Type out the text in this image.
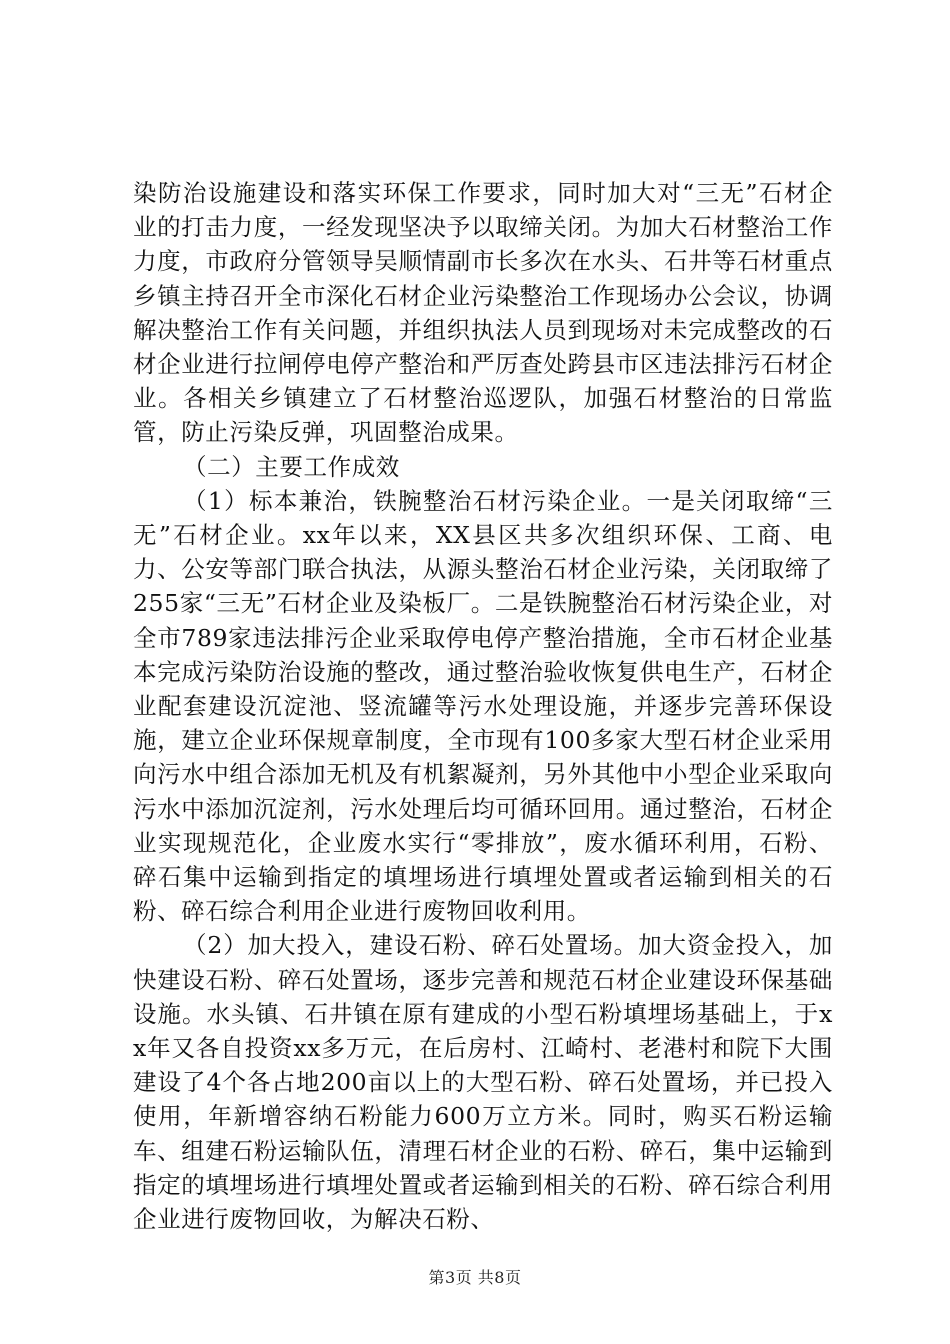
染防治设施建设和落实环保工作要求，同时加大对“三无”石材企业的打击力度，一经发现坚决予以取缔关闭。为加大石材整治工作力度，市政府分管领导吴顺情副市长多次在水头、石井等石材重点乡镇主持召开全市深化石材企业污染整治工作现场办公会议，协调解决整治工作有关问题，并组织执法人员到现场对未完成整改的石材企业进行拉闸停电停产整治和严厉查处跨县市区违法排污石材企业。各相关乡镇建立了石材整治巡逻队，加强石材整治的日常监管，防止污染反弹，巩固整治成果。

（二）主要工作成效

（1）标本兼治，铁腕整治石材污染企业。一是关闭取缔“三无”石材企业。xx年以来，XX县区共多次组织环保、工商、电力、公安等部门联合执法，从源头整治石材企业污染，关闭取缔了255家“三无”石材企业及染板厂。二是铁腕整治石材污染企业，对全市789家违法排污企业采取停电停产整治措施，全市石材企业基本完成污染防治设施的整改，通过整治验收恢复供电生产，石材企业配套建设沉淀池、竖流罐等污水处理设施，并逐步完善环保设施，建立企业环保规章制度，全市现有100多家大型石材企业采用向污水中组合添加无机及有机絮凝剂，另外其他中小型企业采取向污水中添加沉淀剂，污水处理后均可循环回用。通过整治，石材企业实现规范化，企业废水实行“零排放”，废水循环利用，石粉、碎石集中运输到指定的填埋场进行填埋处置或者运输到相关的石粉、碎石综合利用企业进行废物回收利用。

（2）加大投入，建设石粉、碎石处置场。加大资金投入，加快建设石粉、碎石处置场，逐步完善和规范石材企业建设环保基础设施。水头镇、石井镇在原有建成的小型石粉填埋场基础上，于xx年又各自投资xx多万元，在后房村、江崎村、老港村和院下大围建设了4个各占地200亩以上的大型石粉、碎石处置场，并已投入使用，年新增容纳石粉能力600万立方米。同时，购买石粉运输车、组建石粉运输队伍，清理石材企业的石粉、碎石，集中运输到指定的填埋场进行填埋处置或者运输到相关的石粉、碎石综合利用企业进行废物回收，为解决石粉、

第3页 共8页
